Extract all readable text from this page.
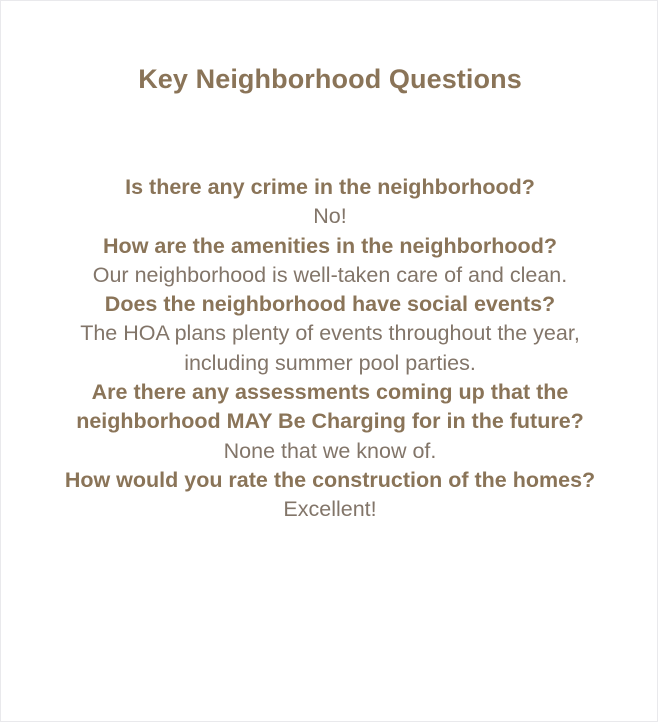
Key Neighborhood Questions
Is there any crime in the neighborhood?
No!
How are the amenities in the neighborhood?
Our neighborhood is well-taken care of and clean.
Does the neighborhood have social events?
The HOA plans plenty of events throughout the year,
including summer pool parties.
Are there any assessments coming up that the
neighborhood MAY Be Charging for in the future?
None that we know of.
How would you rate the construction of the homes?
Excellent!
